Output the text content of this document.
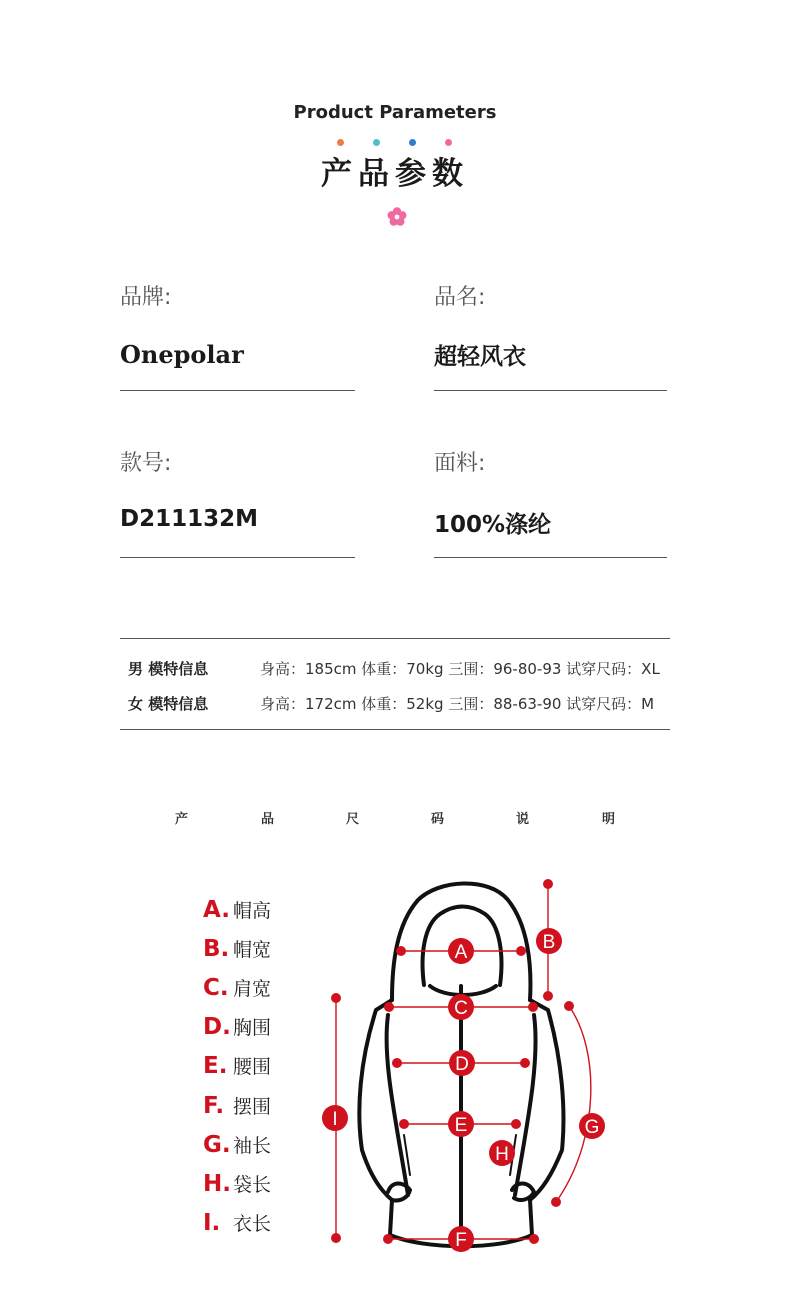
Product Parameters
产品参数
品牌:
Onepolar
品名:
超轻风衣
款号:
D211132M
面料:
100%涤纶
男 模特信息	身高：185cm 体重：70kg 三围：96-80-93 试穿尺码：XL
女 模特信息	身高：172cm 体重：52kg 三围：88-63-90 试穿尺码：M
产	品	尺	码	说	明
A. 帽高
B. 帽宽
C. 肩宽
D. 胸围
E. 腰围
F. 摆围
G. 袖长
H. 袋长
I. 衣长
A	B
C
D
E
F
G
H
I
